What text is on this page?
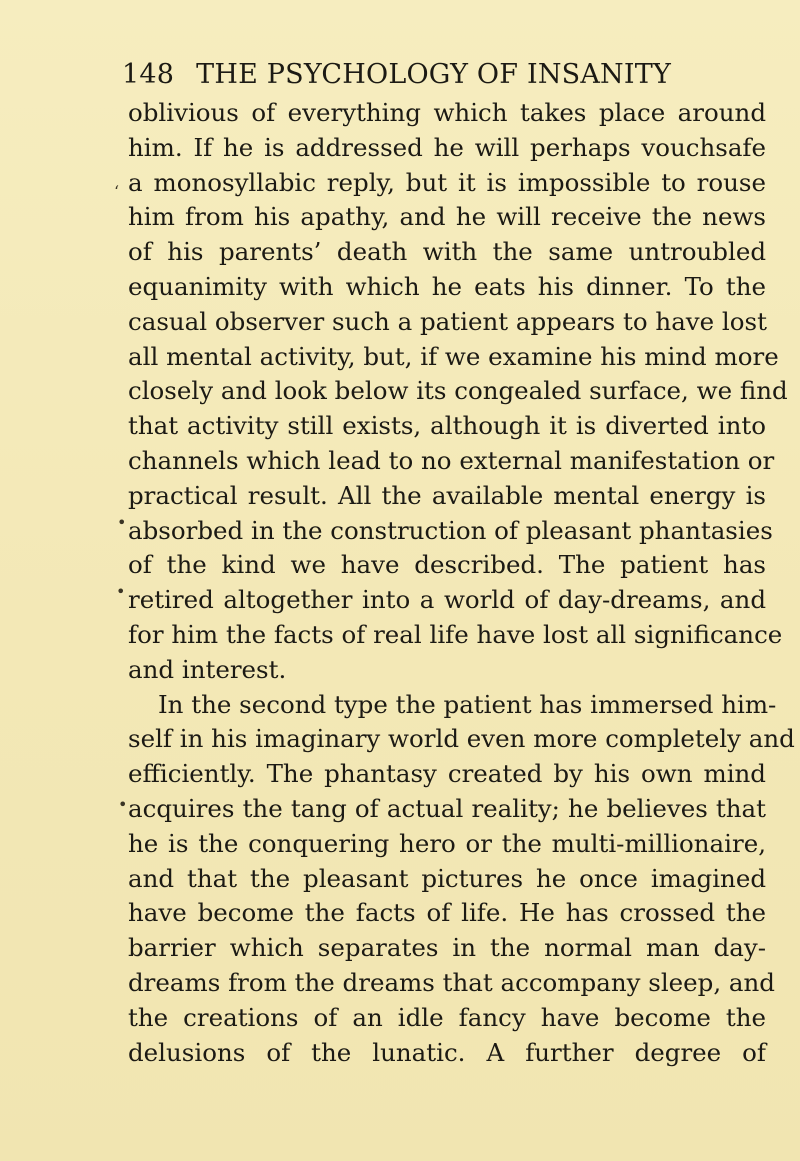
148 THE PSYCHOLOGY OF INSANITY
oblivious of everything which takes place around
him. If he is addressed he will perhaps vouchsafe
a monosyllabic reply, but it is impossible to rouse
him from his apathy, and he will receive the news
of his parents’ death with the same untroubled
equanimity with which he eats his dinner. To the
casual observer such a patient appears to have lost
all mental activity, but, if we examine his mind more
closely and look below its congealed surface, we find
that activity still exists, although it is diverted into
channels which lead to no external manifestation or
practical result. All the available mental energy is
absorbed in the construction of pleasant phantasies
of the kind we have described. The patient has
retired altogether into a world of day-dreams, and
for him the facts of real life have lost all significance
and interest.
In the second type the patient has immersed him-
self in his imaginary world even more completely and
efficiently. The phantasy created by his own mind
acquires the tang of actual reality; he believes that
he is the conquering hero or the multi-millionaire,
and that the pleasant pictures he once imagined
have become the facts of life. He has crossed the
barrier which separates in the normal man day-
dreams from the dreams that accompany sleep, and
the creations of an idle fancy have become the
delusions of the lunatic. A further degree of
ʻ
•
•
•
